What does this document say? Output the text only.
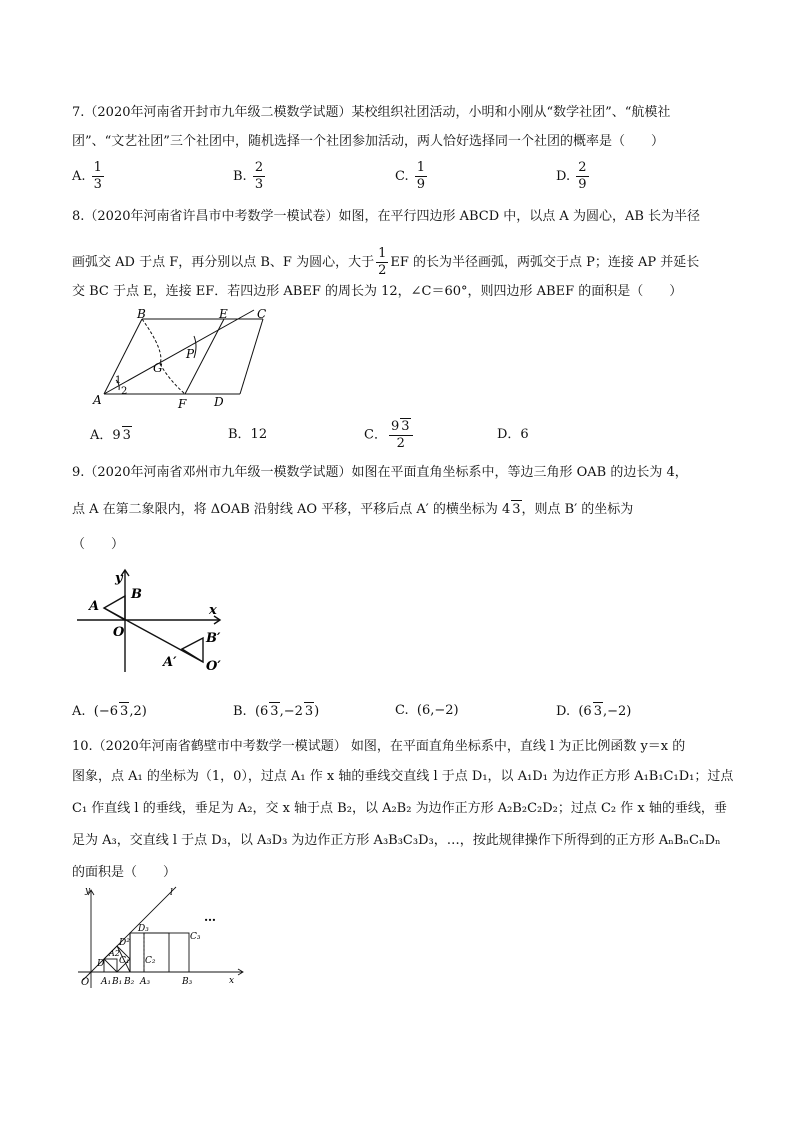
7.（2020年河南省开封市九年级二模数学试题）某校组织社团活动，小明和小刚从“数学社团”、“航模社
团”、“文艺社团”三个社团中，随机选择一个社团参加活动，两人恰好选择同一个社团的概率是（　　）
A. $\frac{1}{3}$	B. $\frac{2}{3}$	C. $\frac{1}{9}$	D. $\frac{2}{9}$
8.（2020年河南省许昌市中考数学一模试卷）如图，在平行四边形 ABCD 中，以点 A 为圆心，AB 长为半径
画弧交 AD 于点 F，再分别以点 B、F 为圆心，大于 $\frac{1}{2}$ EF 的长为半径画弧，两弧交于点 P；连接 AP 并延长
交 BC 于点 E，连接 EF．若四边形 ABEF 的周长为 12，∠C＝60°，则四边形 ABEF 的面积是（　　）
B	E C
P
G
A	F D
1
2
A．9 3	B．12	C． $\frac{9 3}{2}$	D．6
9.（2020年河南省邓州市九年级一模数学试题）如图在平面直角坐标系中，等边三角形 OAB 的边长为 4，
点 A 在第二象限内，将 ΔOAB 沿射线 AO 平移，平移后点 A′ 的横坐标为 4 3，则点 B′ 的坐标为
（　　）
y
x
O
A
B
A′
B′
O′
A. (−6 3,2)	B. (6 3,−2 3)	C. (6,−2)	D. (6 3,−2)
10.（2020年河南省鹤壁市中考数学一模试题） 如图，在平面直角坐标系中，直线 l 为正比例函数 y＝x 的
图象，点 A₁ 的坐标为（1，0），过点 A₁ 作 x 轴的垂线交直线 l 于点 D₁，以 A₁D₁ 为边作正方形 A₁B₁C₁D₁；过点
C₁ 作直线 l 的垂线，垂足为 A₂，交 x 轴于点 B₂，以 A₂B₂ 为边作正方形 A₂B₂C₂D₂；过点 C₂ 作 x 轴的垂线，垂
足为 A₃，交直线 l 于点 D₃，以 A₃D₃ 为边作正方形 A₃B₃C₃D₃，…，按此规律操作下所得到的正方形 AₙBₙCₙDₙ
的面积是（　　）
y
x
O
l
…
D
A₁ B₁
C₁
A2
D²
B₂
C₂
A₃
D₃
B₃
C₃
